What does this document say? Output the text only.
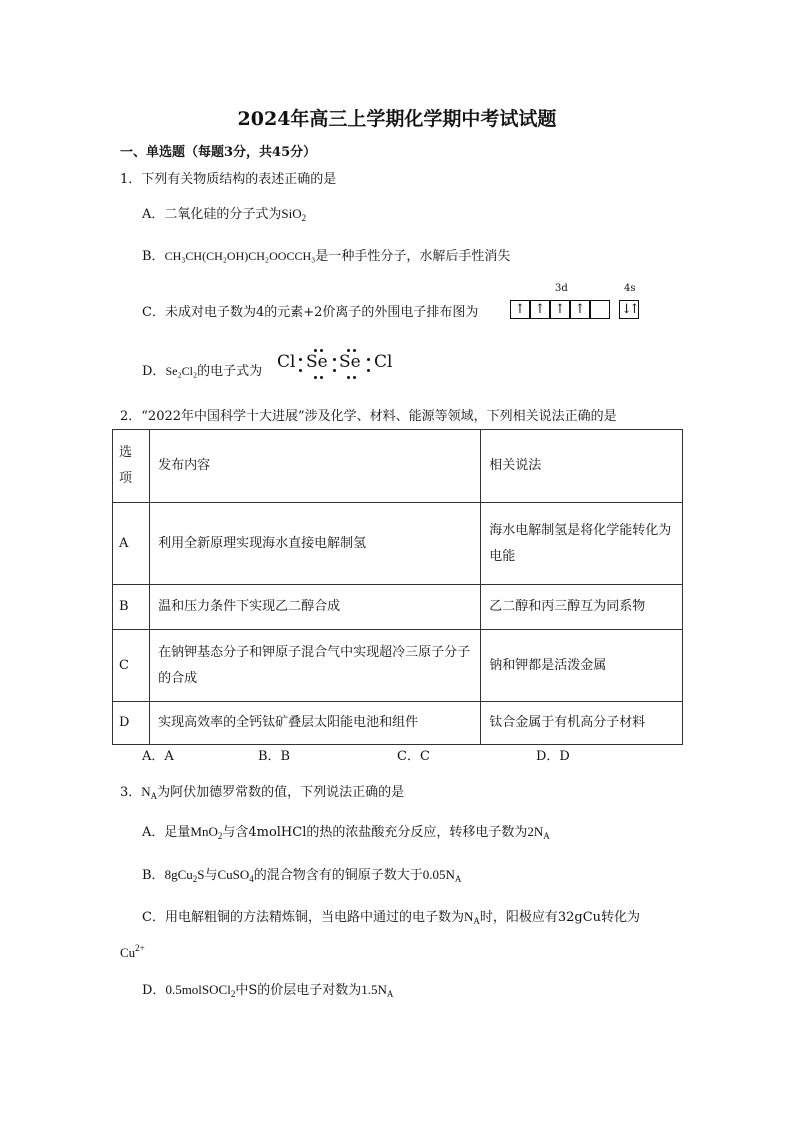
2024年高三上学期化学期中考试试题
一、单选题（每题3分，共45分）
1．下列有关物质结构的表述正确的是
A．二氧化硅的分子式为SiO$_2$
B．CH₃CH(CH₂OH)CH₂OOCCH₃是一种手性分子，水解后手性消失
C．未成对电子数为4的元素+2价离子的外围电子排布图为
3d	4s
↑ ↑ ↑ ↑	↓↑
D．Se₂Cl₂的电子式为 Cl Se Se Cl
2．“2022年中国科学十大进展”涉及化学、材料、能源等领域，下列相关说法正确的是
选项	发布内容	相关说法
A	利用全新原理实现海水直接电解制氢	海水电解制氢是将化学能转化为电能
B	温和压力条件下实现乙二醇合成	乙二醇和丙三醇互为同系物
C	在钠钾基态分子和钾原子混合气中实现超冷三原子分子的合成	钠和钾都是活泼金属
D	实现高效率的全钙钛矿叠层太阳能电池和组件	钛合金属于有机高分子材料
A．A	B．B	C．C	D．D
3．$N_A$为阿伏加德罗常数的值，下列说法正确的是
A．足量MnO$_2$与含4molHCl的热的浓盐酸充分反应，转移电子数为$2N_A$
B．8gCu$_2$S与CuSO$_4$的混合物含有的铜原子数大于$0.05N_A$
C．用电解粗铜的方法精炼铜，当电路中通过的电子数为$N_A$时，阳极应有32gCu转化为
$Cu^{2+}$
D．0.5molSOCl$_2$中S的价层电子对数为$1.5N_A$
